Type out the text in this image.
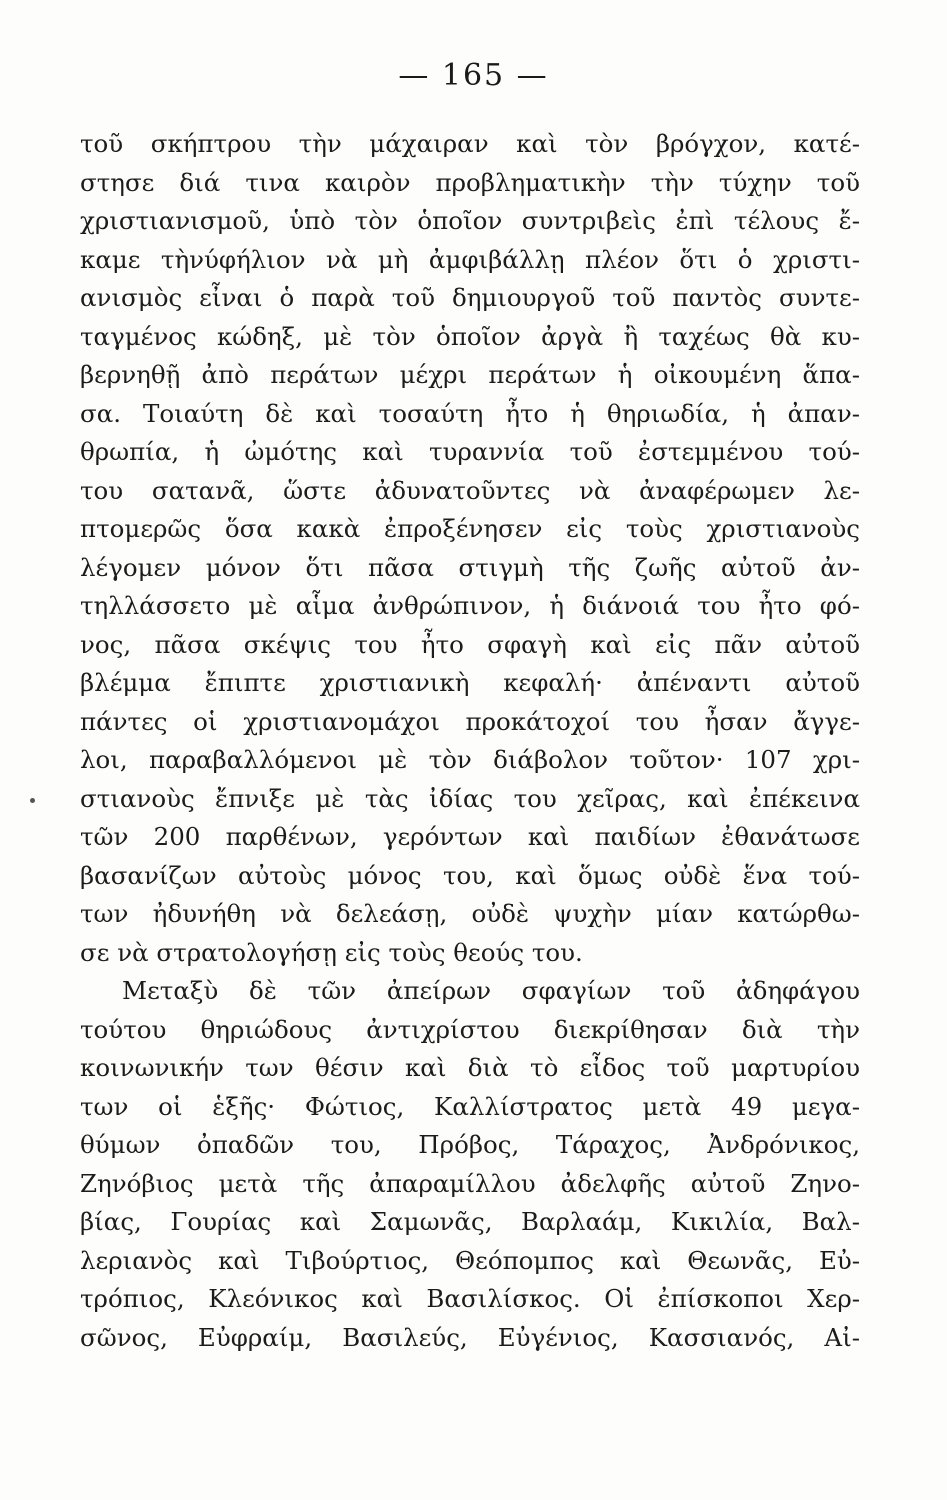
— 165 —
τοῦ σκήπτρου τὴν μάχαιραν καὶ τὸν βρόγχον, κατέ-
στησε διά τινα καιρὸν προβληματικὴν τὴν τύχην τοῦ
χριστιανισμοῦ, ὑπὸ τὸν ὁποῖον συντριβεὶς ἐπὶ τέλους ἔ-
καμε τὴνύφήλιον νὰ μὴ ἀμφιβάλλῃ πλέον ὅτι ὁ χριστι-
ανισμὸς εἶναι ὁ παρὰ τοῦ δημιουργοῦ τοῦ παντὸς συντε-
ταγμένος κώδηξ, μὲ τὸν ὁποῖον ἀργὰ ἢ ταχέως θὰ κυ-
βερνηθῇ ἀπὸ περάτων μέχρι περάτων ἡ οἰκουμένη ἅπα-
σα. Τοιαύτη δὲ καὶ τοσαύτη ἦτο ἡ θηριωδία, ἡ ἀπαν-
θρωπία, ἡ ὠμότης καὶ τυραννία τοῦ ἐστεμμένου τού-
του σατανᾶ, ὥστε ἀδυνατοῦντες νὰ ἀναφέρωμεν λε-
πτομερῶς ὅσα κακὰ ἐπροξένησεν εἰς τοὺς χριστιανοὺς
λέγομεν μόνον ὅτι πᾶσα στιγμὴ τῆς ζωῆς αὐτοῦ ἀν-
τηλλάσσετο μὲ αἷμα ἀνθρώπινον, ἡ διάνοιά του ἦτο φό-
νος, πᾶσα σκέψις του ἦτο σφαγὴ καὶ εἰς πᾶν αὐτοῦ
βλέμμα ἔπιπτε χριστιανικὴ κεφαλή· ἀπέναντι αὐτοῦ
πάντες οἱ χριστιανομάχοι προκάτοχοί του ἦσαν ἄγγε-
λοι, παραβαλλόμενοι μὲ τὸν διάβολον τοῦτον· 107 χρι-
στιανοὺς ἔπνιξε μὲ τὰς ἰδίας του χεῖρας, καὶ ἐπέκεινα
τῶν 200 παρθένων, γερόντων καὶ παιδίων ἐθανάτωσε
βασανίζων αὐτοὺς μόνος του, καὶ ὅμως οὐδὲ ἕνα τού-
των ἠδυνήθη νὰ δελεάσῃ, οὐδὲ ψυχὴν μίαν κατώρθω-
σε νὰ στρατολογήσῃ εἰς τοὺς θεούς του.
Μεταξὺ δὲ τῶν ἀπείρων σφαγίων τοῦ ἀδηφάγου
τούτου θηριώδους ἀντιχρίστου διεκρίθησαν διὰ τὴν
κοινωνικήν των θέσιν καὶ διὰ τὸ εἶδος τοῦ μαρτυρίου
των οἱ ἑξῆς· Φώτιος, Καλλίστρατος μετὰ 49 μεγα-
θύμων ὀπαδῶν του, Πρόβος, Τάραχος, Ἀνδρόνικος,
Ζηνόβιος μετὰ τῆς ἀπαραμίλλου ἀδελφῆς αὐτοῦ Ζηνο-
βίας, Γουρίας καὶ Σαμωνᾶς, Βαρλαάμ, Κικιλία, Βαλ-
λεριανὸς καὶ Τιβούρτιος, Θεόπομπος καὶ Θεωνᾶς, Εὐ-
τρόπιος, Κλεόνικος καὶ Βασιλίσκος. Οἱ ἐπίσκοποι Χερ-
σῶνος, Εὐφραίμ, Βασιλεύς, Εὐγένιος, Κασσιανός, Αἰ-
